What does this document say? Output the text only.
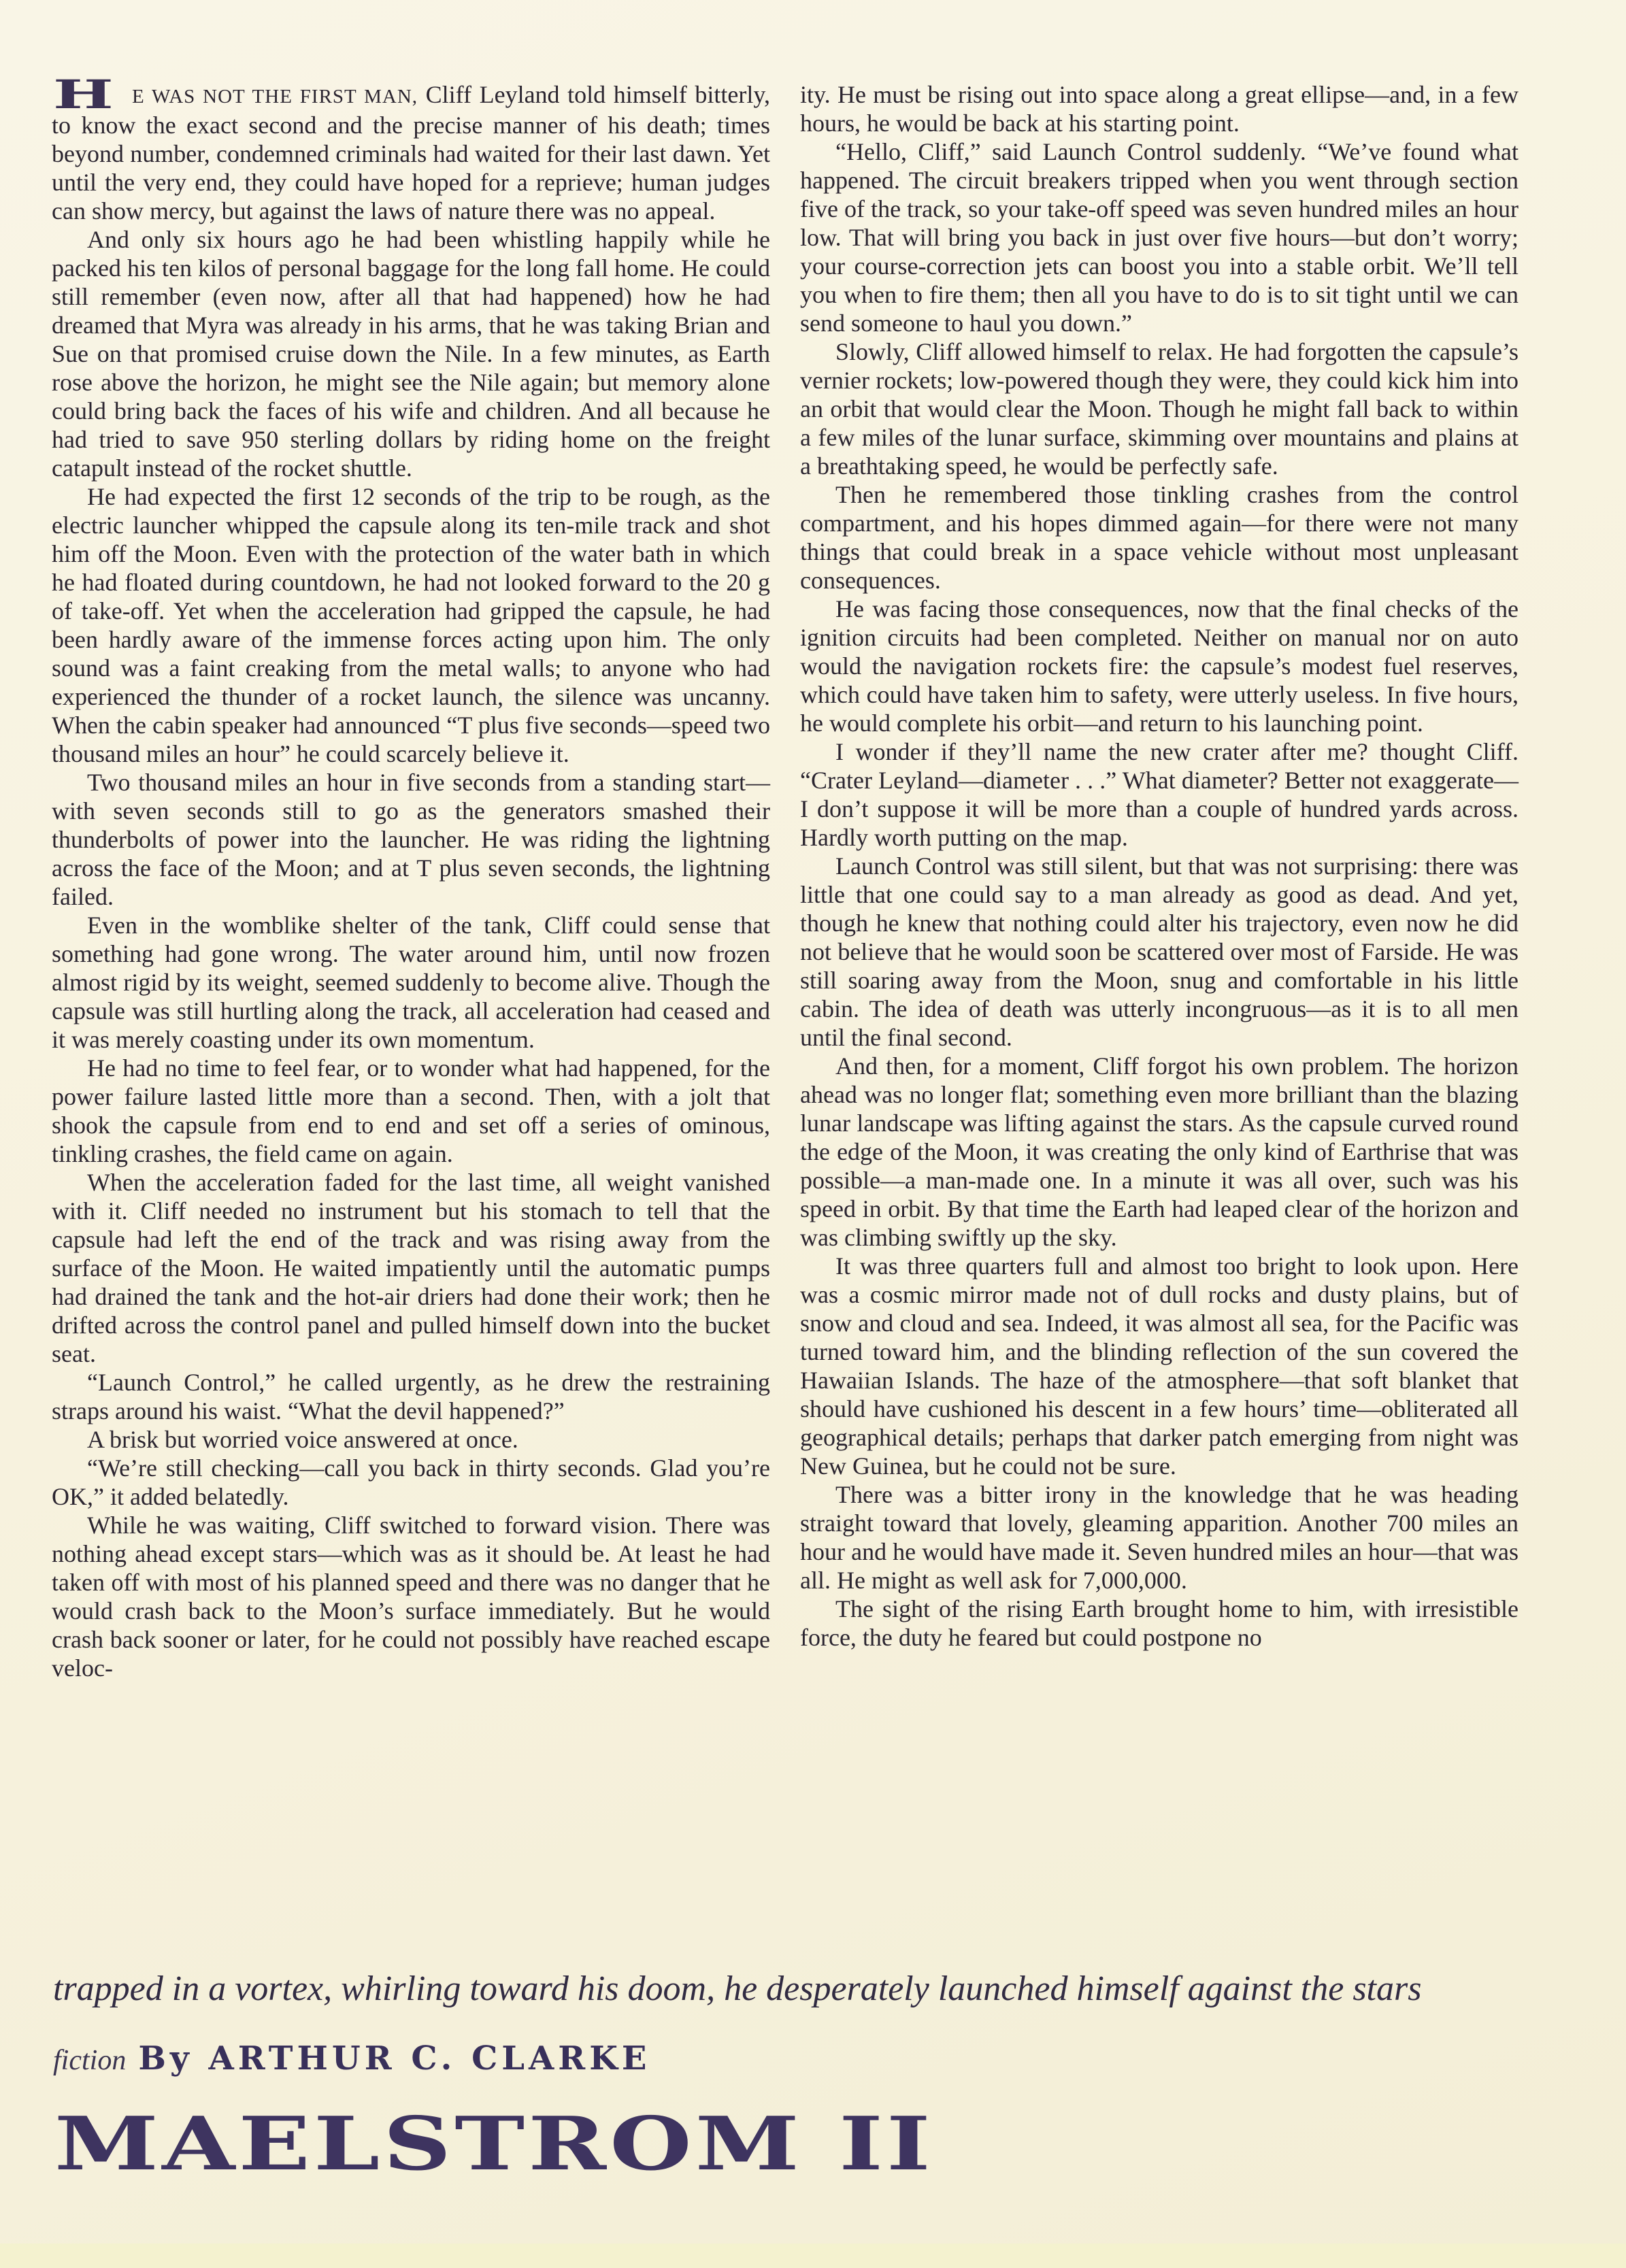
H E WAS NOT THE FIRST MAN, Cliff Leyland told himself bitterly, to know the exact second and the precise manner of his death; times beyond number, condemned criminals had waited for their last dawn. Yet until the very end, they could have hoped for a reprieve; human judges can show mercy, but against the laws of nature there was no appeal.

And only six hours ago he had been whistling happily while he packed his ten kilos of personal baggage for the long fall home. He could still remember (even now, after all that had happened) how he had dreamed that Myra was already in his arms, that he was taking Brian and Sue on that promised cruise down the Nile. In a few minutes, as Earth rose above the horizon, he might see the Nile again; but memory alone could bring back the faces of his wife and children. And all because he had tried to save 950 sterling dollars by riding home on the freight catapult instead of the rocket shuttle.

He had expected the first 12 seconds of the trip to be rough, as the electric launcher whipped the capsule along its ten-mile track and shot him off the Moon. Even with the protection of the water bath in which he had floated during countdown, he had not looked forward to the 20 g of take-off. Yet when the acceleration had gripped the capsule, he had been hardly aware of the immense forces acting upon him. The only sound was a faint creaking from the metal walls; to anyone who had experienced the thunder of a rocket launch, the silence was uncanny. When the cabin speaker had announced “T plus five seconds—speed two thousand miles an hour” he could scarcely believe it.

Two thousand miles an hour in five seconds from a standing start—with seven seconds still to go as the generators smashed their thunderbolts of power into the launcher. He was riding the lightning across the face of the Moon; and at T plus seven seconds, the lightning failed.

Even in the womblike shelter of the tank, Cliff could sense that something had gone wrong. The water around him, until now frozen almost rigid by its weight, seemed suddenly to become alive. Though the capsule was still hurtling along the track, all acceleration had ceased and it was merely coasting under its own momentum.

He had no time to feel fear, or to wonder what had happened, for the power failure lasted little more than a second. Then, with a jolt that shook the capsule from end to end and set off a series of ominous, tinkling crashes, the field came on again.

When the acceleration faded for the last time, all weight vanished with it. Cliff needed no instrument but his stomach to tell that the capsule had left the end of the track and was rising away from the surface of the Moon. He waited impatiently until the automatic pumps had drained the tank and the hot-air driers had done their work; then he drifted across the control panel and pulled himself down into the bucket seat.

“Launch Control,” he called urgently, as he drew the restraining straps around his waist. “What the devil happened?”

A brisk but worried voice answered at once.

“We’re still checking—call you back in thirty seconds. Glad you’re OK,” it added belatedly.

While he was waiting, Cliff switched to forward vision. There was nothing ahead except stars—which was as it should be. At least he had taken off with most of his planned speed and there was no danger that he would crash back to the Moon’s surface immediately. But he would crash back sooner or later, for he could not possibly have reached escape veloc-

ity. He must be rising out into space along a great ellipse—and, in a few hours, he would be back at his starting point.

“Hello, Cliff,” said Launch Control suddenly. “We’ve found what happened. The circuit breakers tripped when you went through section five of the track, so your take-off speed was seven hundred miles an hour low. That will bring you back in just over five hours—but don’t worry; your course-correction jets can boost you into a stable orbit. We’ll tell you when to fire them; then all you have to do is to sit tight until we can send someone to haul you down.”

Slowly, Cliff allowed himself to relax. He had forgotten the capsule’s vernier rockets; low-powered though they were, they could kick him into an orbit that would clear the Moon. Though he might fall back to within a few miles of the lunar surface, skimming over mountains and plains at a breathtaking speed, he would be perfectly safe.

Then he remembered those tinkling crashes from the control compartment, and his hopes dimmed again—for there were not many things that could break in a space vehicle without most unpleasant consequences.

He was facing those consequences, now that the final checks of the ignition circuits had been completed. Neither on manual nor on auto would the navigation rockets fire: the capsule’s modest fuel reserves, which could have taken him to safety, were utterly useless. In five hours, he would complete his orbit—and return to his launching point.

I wonder if they’ll name the new crater after me? thought Cliff. “Crater Leyland—diameter . . .” What diameter? Better not exaggerate—I don’t suppose it will be more than a couple of hundred yards across. Hardly worth putting on the map.

Launch Control was still silent, but that was not surprising: there was little that one could say to a man already as good as dead. And yet, though he knew that nothing could alter his trajectory, even now he did not believe that he would soon be scattered over most of Farside. He was still soaring away from the Moon, snug and comfortable in his little cabin. The idea of death was utterly incongruous—as it is to all men until the final second.

And then, for a moment, Cliff forgot his own problem. The horizon ahead was no longer flat; something even more brilliant than the blazing lunar landscape was lifting against the stars. As the capsule curved round the edge of the Moon, it was creating the only kind of Earthrise that was possible—a man-made one. In a minute it was all over, such was his speed in orbit. By that time the Earth had leaped clear of the horizon and was climbing swiftly up the sky.

It was three quarters full and almost too bright to look upon. Here was a cosmic mirror made not of dull rocks and dusty plains, but of snow and cloud and sea. Indeed, it was almost all sea, for the Pacific was turned toward him, and the blinding reflection of the sun covered the Hawaiian Islands. The haze of the atmosphere—that soft blanket that should have cushioned his descent in a few hours’ time—obliterated all geographical details; perhaps that darker patch emerging from night was New Guinea, but he could not be sure.

There was a bitter irony in the knowledge that he was heading straight toward that lovely, gleaming apparition. Another 700 miles an hour and he would have made it. Seven hundred miles an hour—that was all. He might as well ask for 7,000,000.

The sight of the rising Earth brought home to him, with irresistible force, the duty he feared but could postpone no

trapped in a vortex, whirling toward his doom, he desperately launched himself against the stars
fiction By ARTHUR C. CLARKE
MAELSTROM II
